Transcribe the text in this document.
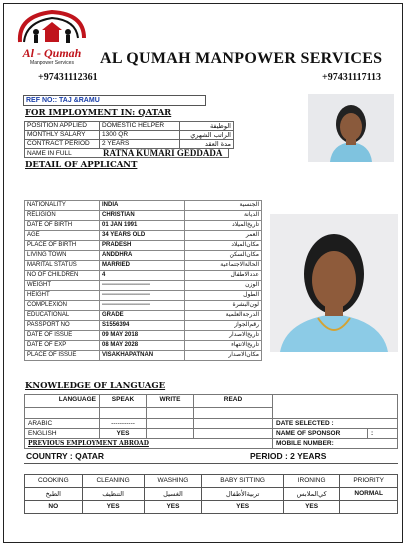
Al - Qumah
Manpower Services	AL QUMAH MANPOWER SERVICES
+97431112361	+97431117113
REF NO:: TAJ &RAMU
FOR IMPLOYMENT IN: QATAR
POSITION APPLIED	DOMESTIC HELPER	الوظيفة
MONTHLY SALARY	1300 QR	الراتب الشهري
CONTRACT PERIOD	2 YEARS	مدة العقد
NAME IN FULL	RATNA KUMARI GEDDADA
DETAIL OF APPLICANT
NATIONALITY	INDIA	الجنسية
RELIGION	CHRISTIAN	الديانة
DATE OF BIRTH	01 JAN 1991	تاريخ‌الميلاد
AGE	34 YEARS OLD	العمر
PLACE OF BIRTH	PRADESH	مكان‌الميلاد
LIVING TOWN	ANDDHRA	مكان‌السكن
MARITAL STATUS	MARRIED	الحالة‌الاجتماعية
NO OF CHILDREN	4	عددالاطفال
WEIGHT	------------------------	الوزن
HEIGHT	------------------------	الطول
COMPLEXION	------------------------	لون‌البشرة
EDUCATIONAL	GRADE	الدرجة‌العلمية
PASSPORT NO	S1556394	رقم‌الجواز
DATE OF ISSUE	09 MAY 2018	تاريخ‌الاصدار
DATE OF EXP	08 MAY 2028	تاريخ‌الانتهاء
PLACE OF ISSUE	VISAKHAPATNAN	مكان‌الاصدار
KNOWLEDGE OF LANGUAGE
LANGUAGE	SPEAK	WRITE	READ		

ARABIC	-----------			DATE SELECTED :	
ENGLISH	YES			NAME OF SPONSOR	:
PREVIOUS EMPLOYMENT ABROAD				MOBILE NUMBER:	
COUNTRY : QATAR	PERIOD : 2 YEARS
COOKING	CLEANING	WASHING	BABY SITTING	IRONING	PRIORITY
الطبخ	التنظيف	الغسيل	تربية‌الأطفال	كي‌الملابس	NORMAL
NO	YES	YES	YES	YES	
